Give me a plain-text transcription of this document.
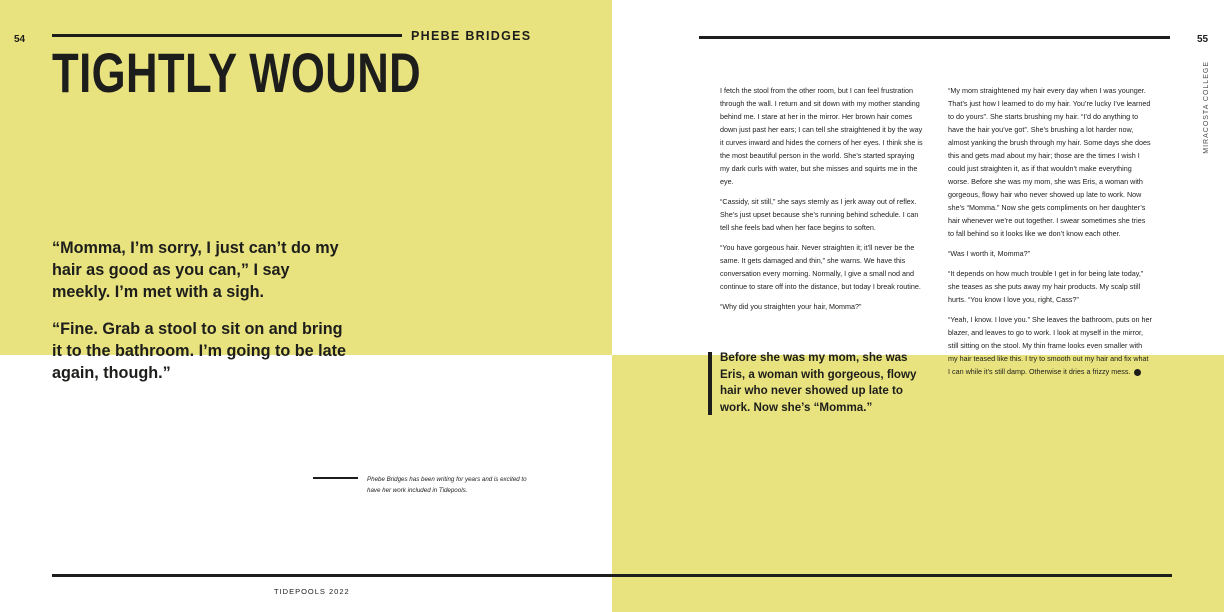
54	PHEBE BRIDGES
TIGHTLY WOUND

“Momma, I’m sorry, I just can’t do my hair as good as you can,” I say meekly. I’m met with a sigh.

“Fine. Grab a stool to sit on and bring it to the bathroom. I’m going to be late again, though.”

Phebe Bridges has been writing for years and is excited to have her work included in Tidepools.

TIDEPOOLS 2022
55
MIRACOSTA COLLEGE

I fetch the stool from the other room, but I can feel frustration through the wall. I return and sit down with my mother standing behind me. I stare at her in the mirror. Her brown hair comes down just past her ears; I can tell she straightened it by the way it curves inward and hides the corners of her eyes. I think she is the most beautiful person in the world. She’s started spraying my dark curls with water, but she misses and squirts me in the eye.

“Cassidy, sit still,” she says sternly as I jerk away out of reflex. She’s just upset because she’s running behind schedule. I can tell she feels bad when her face begins to soften.

“You have gorgeous hair. Never straighten it; it’ll never be the same. It gets damaged and thin,” she warns. We have this conversation every morning. Normally, I give a small nod and continue to stare off into the distance, but today I break routine.

“Why did you straighten your hair, Momma?”

Before she was my mom, she was Eris, a woman with gorgeous, flowy hair who never showed up late to work. Now she’s “Momma.”

“My mom straightened my hair every day when I was younger. That’s just how I learned to do my hair. You’re lucky I’ve learned to do yours”. She starts brushing my hair. “I’d do anything to have the hair you’ve got”. She’s brushing a lot harder now, almost yanking the brush through my hair. Some days she does this and gets mad about my hair; those are the times I wish I could just straighten it, as if that wouldn’t make everything worse. Before she was my mom, she was Eris, a woman with gorgeous, flowy hair who never showed up late to work. Now she’s “Momma.” Now she gets compliments on her daughter’s hair whenever we’re out together. I swear sometimes she tries to fall behind so it looks like we don’t know each other.

“Was I worth it, Momma?”

“It depends on how much trouble I get in for being late today,” she teases as she puts away my hair products. My scalp still hurts. “You know I love you, right, Cass?”

“Yeah, I know. I love you.” She leaves the bathroom, puts on her blazer, and leaves to go to work. I look at myself in the mirror, still sitting on the stool. My thin frame looks even smaller with my hair teased like this. I try to smooth out my hair and fix what I can while it’s still damp. Otherwise it dries a frizzy mess.
